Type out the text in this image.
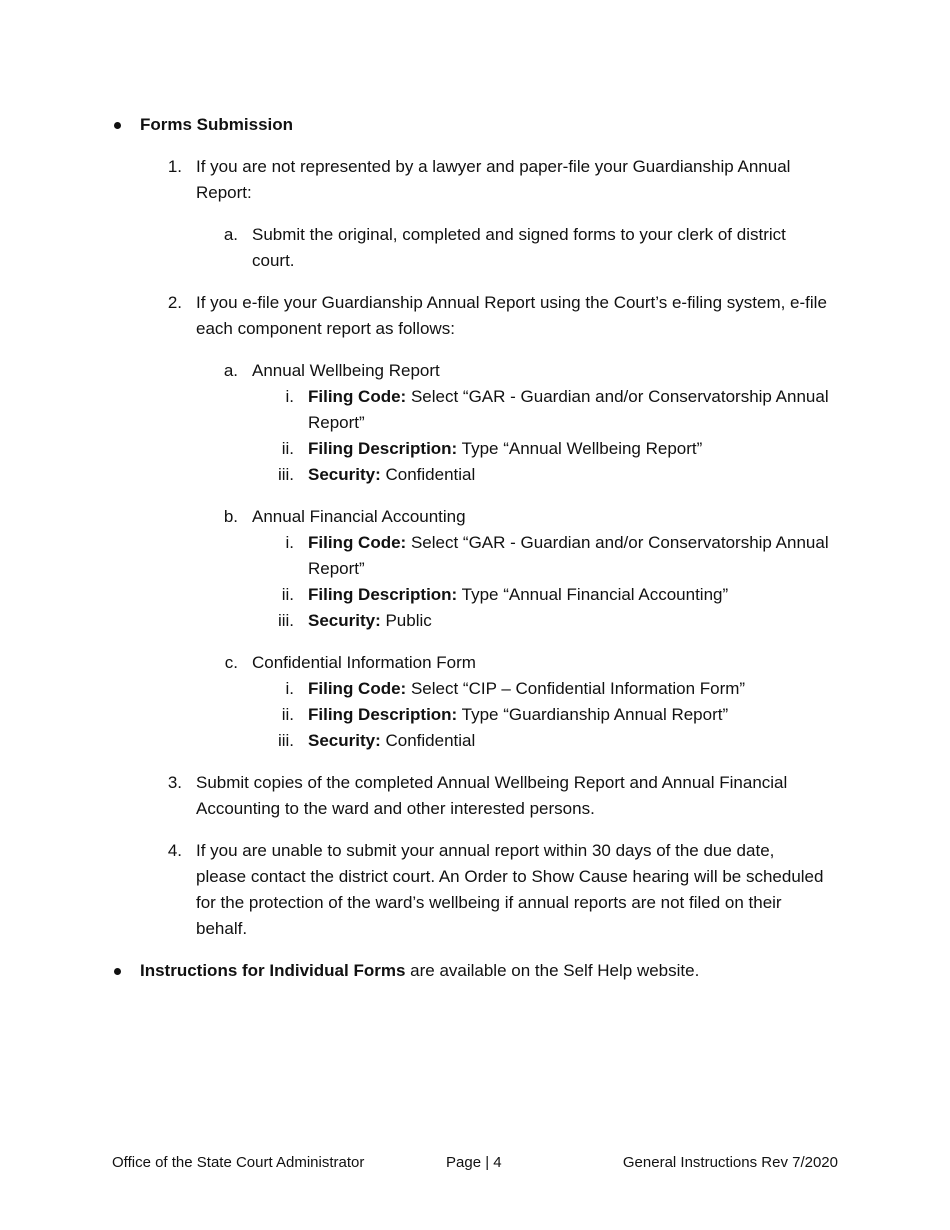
Forms Submission
1. If you are not represented by a lawyer and paper-file your Guardianship Annual
Report:
a. Submit the original, completed and signed forms to your clerk of district
court.
2. If you e-file your Guardianship Annual Report using the Court’s e-filing system, e-file
each component report as follows:
a. Annual Wellbeing Report
i. Filing Code: Select “GAR - Guardian and/or Conservatorship Annual
Report”
ii. Filing Description: Type “Annual Wellbeing Report”
iii. Security: Confidential
b. Annual Financial Accounting
i. Filing Code: Select “GAR - Guardian and/or Conservatorship Annual
Report”
ii. Filing Description: Type “Annual Financial Accounting”
iii. Security: Public
c. Confidential Information Form
i. Filing Code: Select “CIP – Confidential Information Form”
ii. Filing Description: Type “Guardianship Annual Report”
iii. Security: Confidential
3. Submit copies of the completed Annual Wellbeing Report and Annual Financial
Accounting to the ward and other interested persons.
4. If you are unable to submit your annual report within 30 days of the due date,
please contact the district court. An Order to Show Cause hearing will be scheduled
for the protection of the ward’s wellbeing if annual reports are not filed on their
behalf.
Instructions for Individual Forms are available on the Self Help website.
Office of the State Court Administrator	Page | 4	General Instructions Rev 7/2020
